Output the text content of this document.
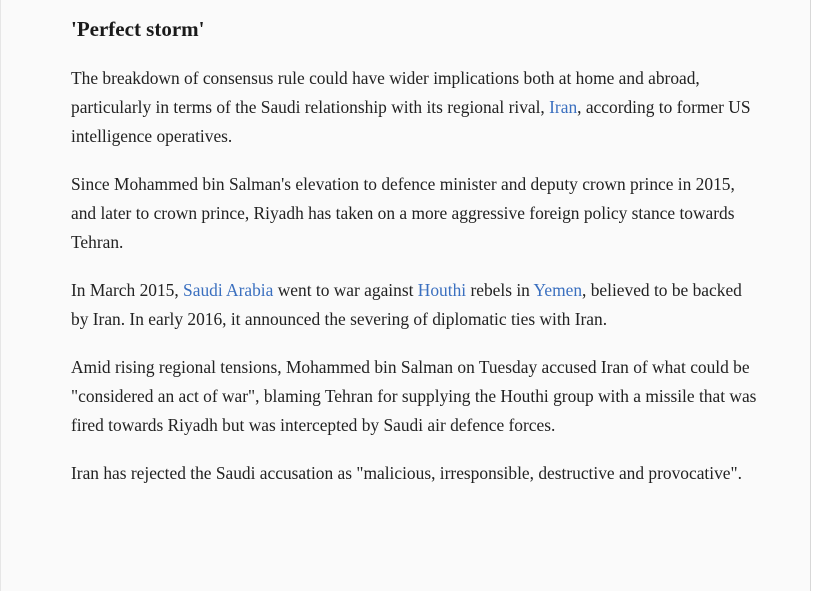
'Perfect storm'

The breakdown of consensus rule could have wider implications both at home and abroad, particularly in terms of the Saudi relationship with its regional rival, Iran, according to former US intelligence operatives.

Since Mohammed bin Salman's elevation to defence minister and deputy crown prince in 2015, and later to crown prince, Riyadh has taken on a more aggressive foreign policy stance towards Tehran.

In March 2015, Saudi Arabia went to war against Houthi rebels in Yemen, believed to be backed by Iran. In early 2016, it announced the severing of diplomatic ties with Iran.

Amid rising regional tensions, Mohammed bin Salman on Tuesday accused Iran of what could be "considered an act of war", blaming Tehran for supplying the Houthi group with a missile that was fired towards Riyadh but was intercepted by Saudi air defence forces.

Iran has rejected the Saudi accusation as "malicious, irresponsible, destructive and provocative".
